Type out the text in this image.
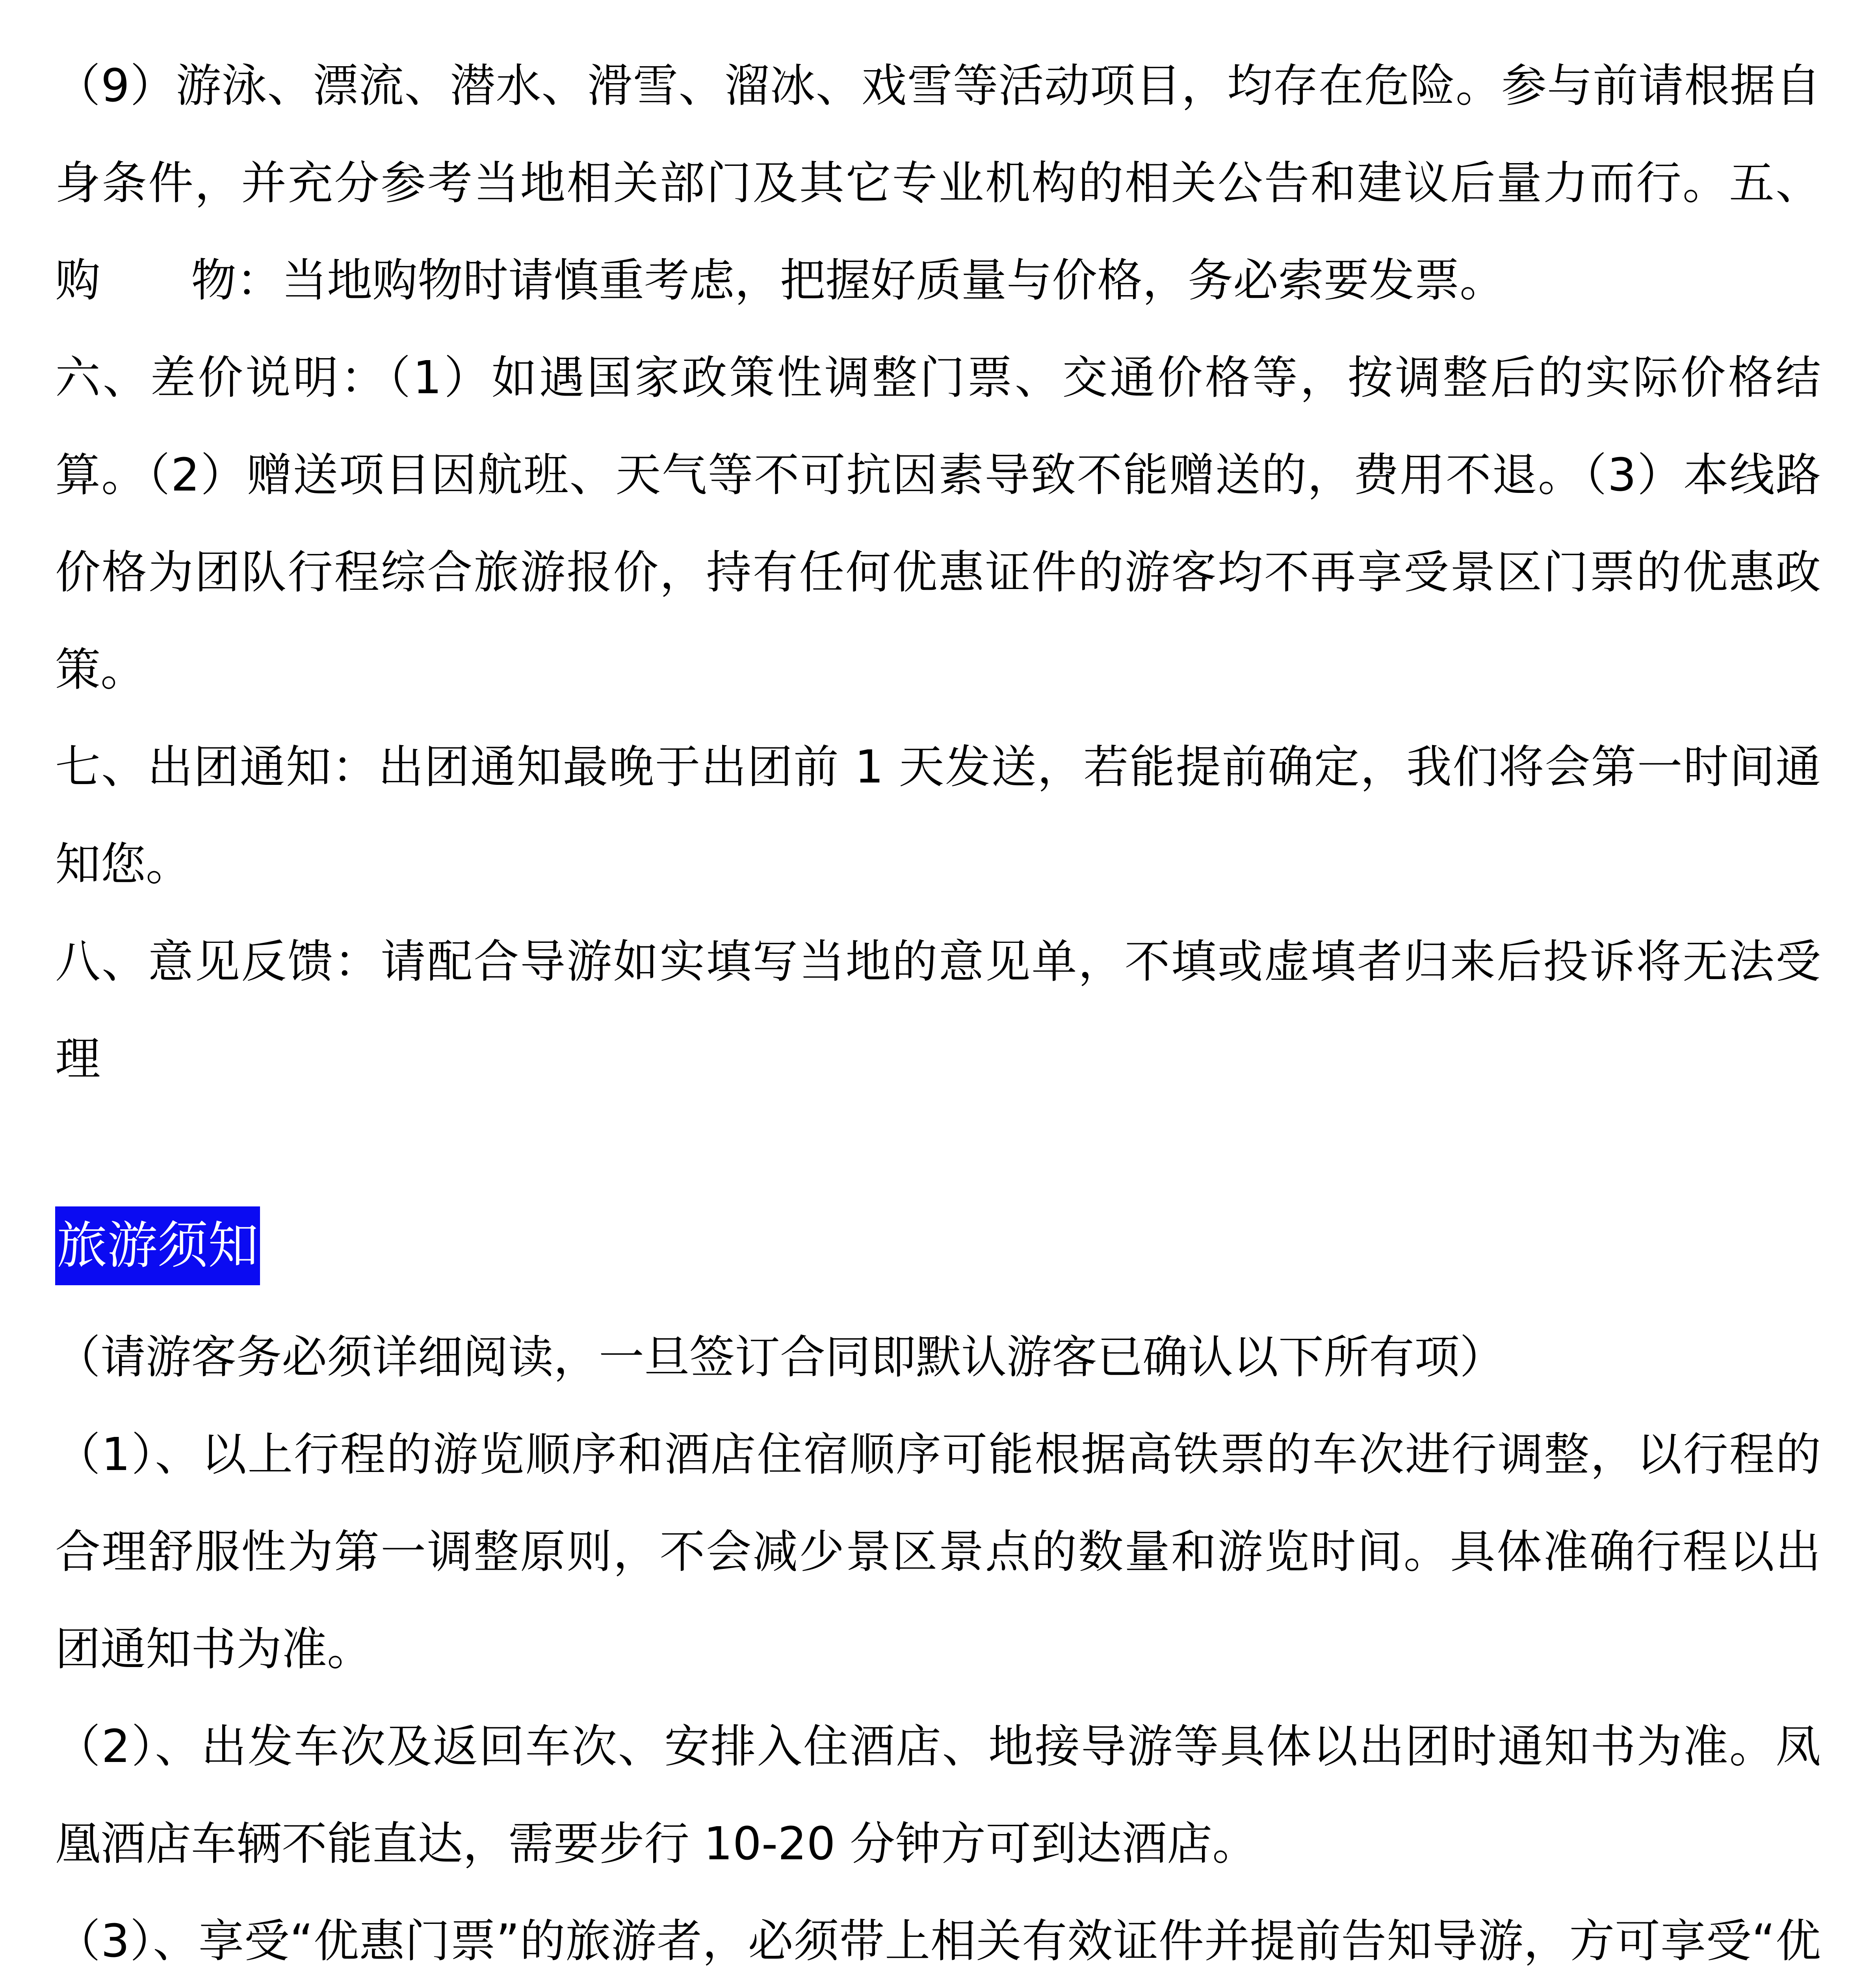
（9）游泳、漂流、潜水、滑雪、溜冰、戏雪等活动项目，均存在危险。参与前请根据自身条件，并充分参考当地相关部门及其它专业机构的相关公告和建议后量力而行。五、购　　物：当地购物时请慎重考虑，把握好质量与价格，务必索要发票。

六、差价说明：（1）如遇国家政策性调整门票、交通价格等，按调整后的实际价格结算。（2）赠送项目因航班、天气等不可抗因素导致不能赠送的，费用不退。（3）本线路价格为团队行程综合旅游报价，持有任何优惠证件的游客均不再享受景区门票的优惠政策。

七、出团通知：出团通知最晚于出团前 1 天发送，若能提前确定，我们将会第一时间通知您。

八、意见反馈：请配合导游如实填写当地的意见单，不填或虚填者归来后投诉将无法受理

旅游须知

（请游客务必须详细阅读，一旦签订合同即默认游客已确认以下所有项）

（1）、以上行程的游览顺序和酒店住宿顺序可能根据高铁票的车次进行调整，以行程的合理舒服性为第一调整原则，不会减少景区景点的数量和游览时间。具体准确行程以出团通知书为准。

（2）、出发车次及返回车次、安排入住酒店、地接导游等具体以出团时通知书为准。凤凰酒店车辆不能直达，需要步行 10-20 分钟方可到达酒店。

（3）、享受“优惠门票”的旅游者，必须带上相关有效证件并提前告知导游，方可享受“优
